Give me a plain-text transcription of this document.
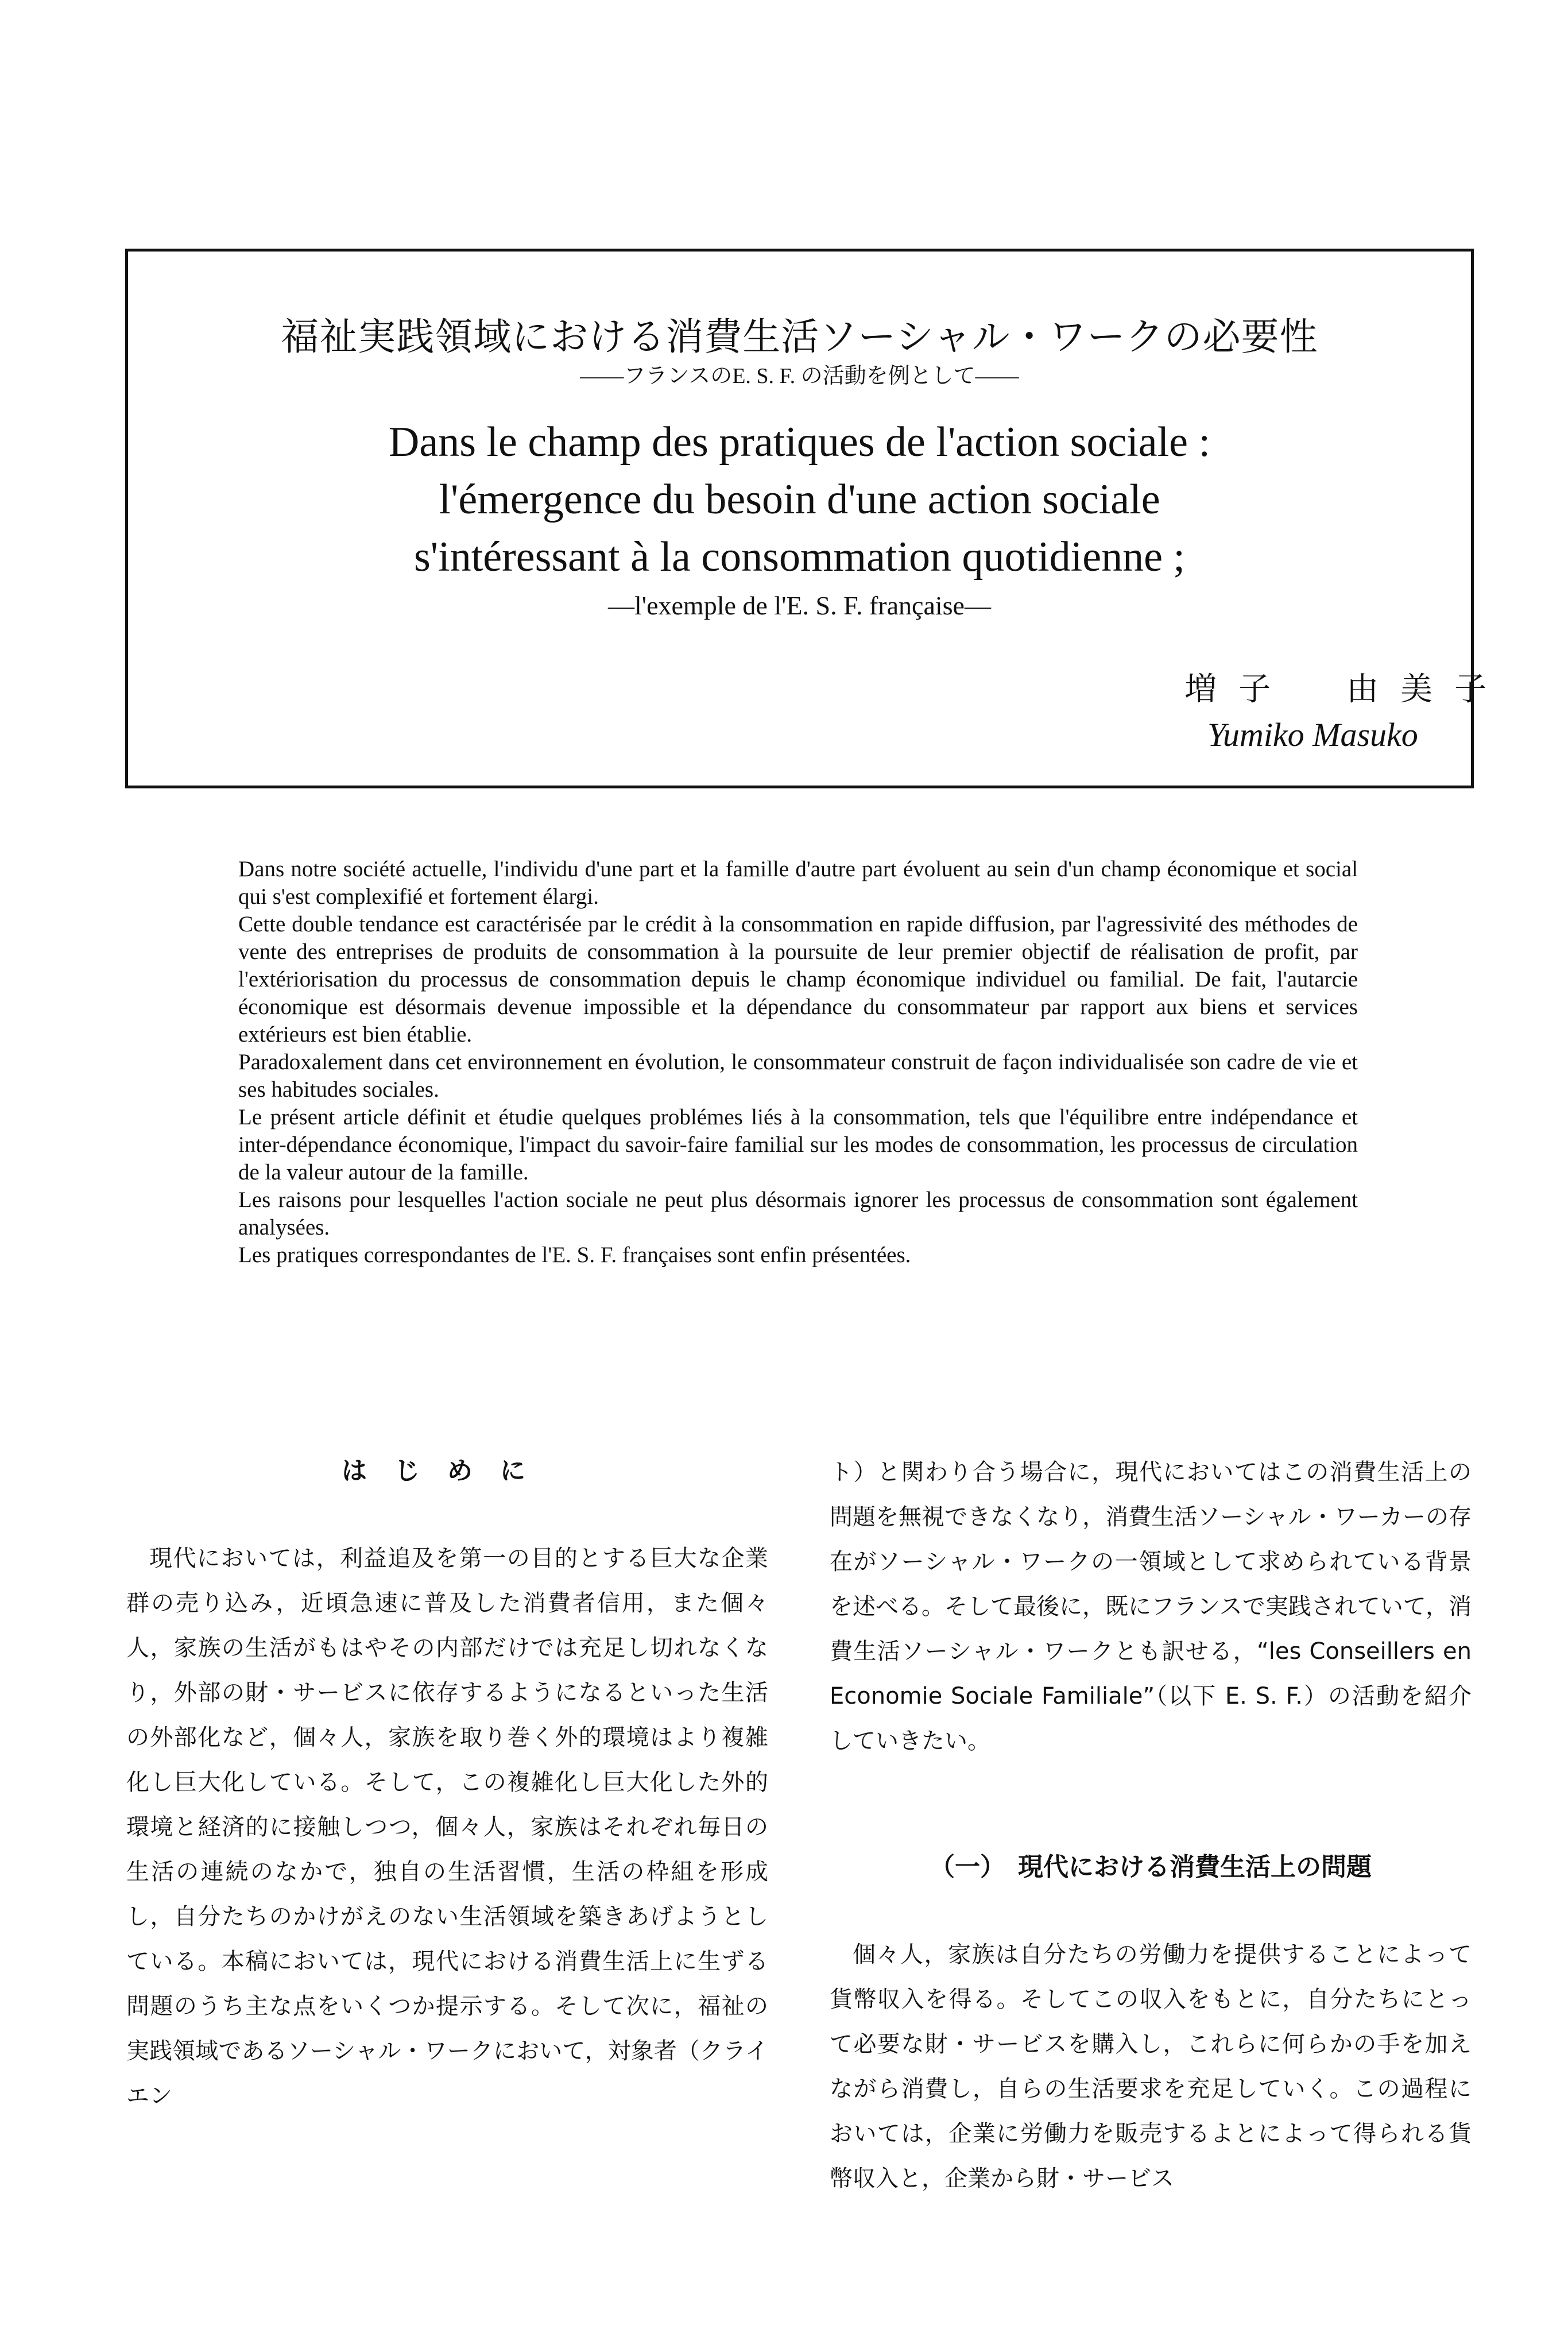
福祉実践領域における消費生活ソーシャル・ワークの必要性
――フランスのE. S. F. の活動を例として――
Dans le champ des pratiques de l'action sociale :
l'émergence du besoin d'une action sociale
s'intéressant à la consommation quotidienne ;
—l'exemple de l'E. S. F. française—
増子　由美子
Yumiko Masuko

Dans notre société actuelle, l'individu d'une part et la famille d'autre part évoluent au sein d'un champ économique et social qui s'est complexifié et fortement élargi.

Cette double tendance est caractérisée par le crédit à la consommation en rapide diffusion, par l'agressivité des méthodes de vente des entreprises de produits de consommation à la poursuite de leur premier objectif de réalisation de profit, par l'extériorisation du processus de consommation depuis le champ économique individuel ou familial. De fait, l'autarcie économique est désormais devenue impossible et la dépendance du consommateur par rapport aux biens et services extérieurs est bien établie.

Paradoxalement dans cet environnement en évolution, le consommateur construit de façon individualisée son cadre de vie et ses habitudes sociales.

Le présent article définit et étudie quelques problémes liés à la consommation, tels que l'équilibre entre indépendance et inter-dépendance économique, l'impact du savoir-faire familial sur les modes de consommation, les processus de circulation de la valeur autour de la famille.

Les raisons pour lesquelles l'action sociale ne peut plus désormais ignorer les processus de consommation sont également analysées.

Les pratiques correspondantes de l'E. S. F. françaises sont enfin présentées.

はじめに

現代においては，利益追及を第一の目的とする巨大な企業群の売り込み，近頃急速に普及した消費者信用，また個々人，家族の生活がもはやその内部だけでは充足し切れなくなり，外部の財・サービスに依存するようになるといった生活の外部化など，個々人，家族を取り巻く外的環境はより複雑化し巨大化している。そして，この複雑化し巨大化した外的環境と経済的に接触しつつ，個々人，家族はそれぞれ毎日の生活の連続のなかで，独自の生活習慣，生活の枠組を形成し，自分たちのかけがえのない生活領域を築きあげようとしている。本稿においては，現代における消費生活上に生ずる問題のうち主な点をいくつか提示する。そして次に，福祉の実践領域であるソーシャル・ワークにおいて，対象者（クライエン

ト）と関わり合う場合に，現代においてはこの消費生活上の問題を無視できなくなり，消費生活ソーシャル・ワーカーの存在がソーシャル・ワークの一領域として求められている背景を述べる。そして最後に，既にフランスで実践されていて，消費生活ソーシャル・ワークとも訳せる，“les Conseillers en Economie Sociale Familiale”（以下 E. S. F.）の活動を紹介していきたい。

（一）　現代における消費生活上の問題

個々人，家族は自分たちの労働力を提供することによって貨幣収入を得る。そしてこの収入をもとに，自分たちにとって必要な財・サービスを購入し，これらに何らかの手を加えながら消費し，自らの生活要求を充足していく。この過程においては，企業に労働力を販売するよとによって得られる貨幣収入と，企業から財・サービス
